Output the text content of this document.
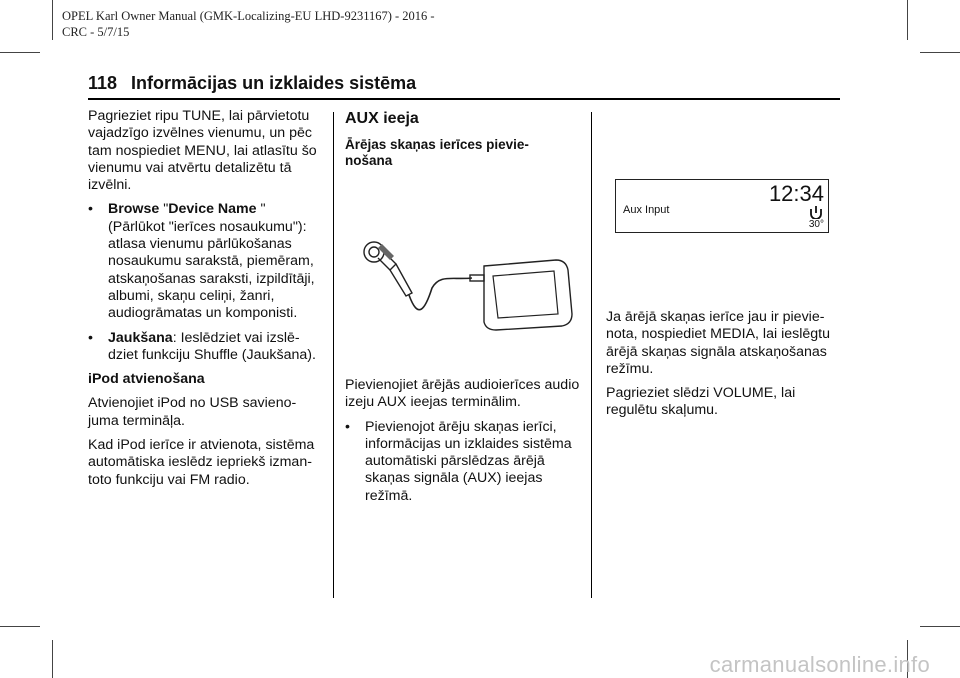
OPEL Karl Owner Manual (GMK-Localizing-EU LHD-9231167) - 2016 -
CRC - 5/7/15
118 Informācijas un izklaides sistēma

Pagrieziet ripu TUNE, lai pārvietotu vajadzīgo izvēlnes vienumu, un pēc tam nospiediet MENU, lai atlasītu šo vienumu vai atvērtu detalizētu tā izvēlni.

• Browse "Device Name " (Pārlūkot "ierīces nosaukumu"): atlasa vienumu pārlūkošanas nosaukumu sarakstā, piemēram, atskaņošanas saraksti, izpildītāji, albumi, skaņu celiņi, žanri, audiogrāmatas un komponisti.
• Jaukšana: Ieslēdziet vai izslē-dziet funkciju Shuffle (Jaukšana).

iPod atvienošana

Atvienojiet iPod no USB savieno-juma termināļa.

Kad iPod ierīce ir atvienota, sistēma automātiska ieslēdz iepriekš izman-toto funkciju vai FM radio.

AUX ieeja
Ārējas skaņas ierīces pievie-
nošana

Pievienojiet ārējās audioierīces audio izeju AUX ieejas terminālim.

• Pievienojot ārēju skaņas ierīci, informācijas un izklaides sistēma automātiski pārslēdzas ārējā skaņas signāla (AUX) ieejas režīmā.
12:34
Aux Input
30°

Ja ārējā skaņas ierīce jau ir pievie-nota, nospiediet MEDIA, lai ieslēgtu ārējā skaņas signāla atskaņošanas režīmu.

Pagrieziet slēdzi VOLUME, lai regulētu skaļumu.

carmanualsonline.info
